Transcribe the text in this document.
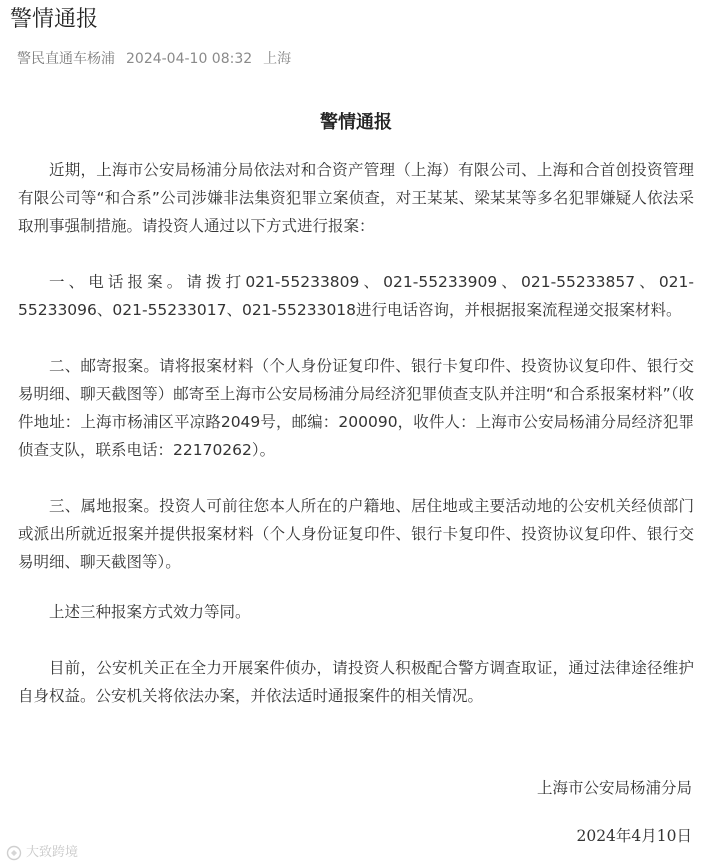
警情通报
警民直通车杨浦 2024-04-10 08:32 上海
警情通报

近期，上海市公安局杨浦分局依法对和合资产管理（上海）有限公司、上海和合首创投资管理有限公司等“和合系”公司涉嫌非法集资犯罪立案侦查，对王某某、梁某某等多名犯罪嫌疑人依法采取刑事强制措施。请投资人通过以下方式进行报案：

一、电话报案。请拨打021-55233809、021-55233909、021-55233857、021-55233096、021-55233017、021-55233018进行电话咨询，并根据报案流程递交报案材料。

二、邮寄报案。请将报案材料（个人身份证复印件、银行卡复印件、投资协议复印件、银行交易明细、聊天截图等）邮寄至上海市公安局杨浦分局经济犯罪侦查支队并注明“和合系报案材料”（收件地址：上海市杨浦区平凉路2049号，邮编：200090，收件人：上海市公安局杨浦分局经济犯罪侦查支队，联系电话：22170262）。

三、属地报案。投资人可前往您本人所在的户籍地、居住地或主要活动地的公安机关经侦部门或派出所就近报案并提供报案材料（个人身份证复印件、银行卡复印件、投资协议复印件、银行交易明细、聊天截图等）。

上述三种报案方式效力等同。

目前，公安机关正在全力开展案件侦办，请投资人积极配合警方调查取证，通过法律途径维护自身权益。公安机关将依法办案，并依法适时通报案件的相关情况。

上海市公安局杨浦分局
2024年4月10日
大致跨境
